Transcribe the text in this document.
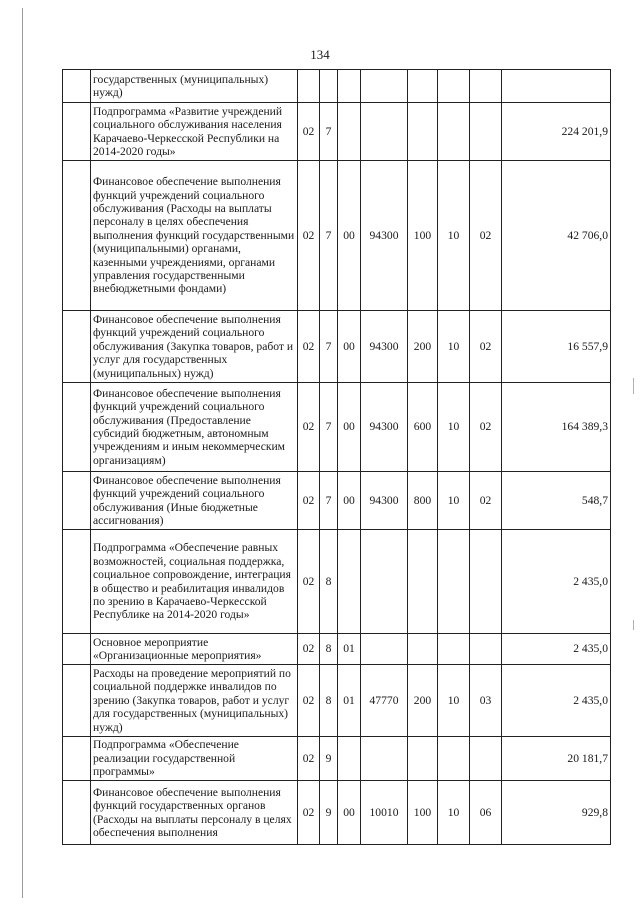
134
	государственных (муниципальных) нужд)								
	Подпрограмма «Развитие учреждений социального обслуживания населения Карачаево-Черкесской Республики на 2014-2020 годы»	02	7						224 201,9
	Финансовое обеспечение выполнения функций учреждений социального обслуживания (Расходы на выплаты персоналу в целях обеспечения выполнения функций государственными (муниципальными) органами, казенными учреждениями, органами управления государственными внебюджетными фондами)	02	7	00	94300	100	10	02	42 706,0
	Финансовое обеспечение выполнения функций учреждений социального обслуживания (Закупка товаров, работ и услуг для государственных (муниципальных) нужд)	02	7	00	94300	200	10	02	16 557,9
	Финансовое обеспечение выполнения функций учреждений социального обслуживания (Предоставление субсидий бюджетным, автономным учреждениям и иным некоммерческим организациям)	02	7	00	94300	600	10	02	164 389,3
	Финансовое обеспечение выполнения функций учреждений социального обслуживания (Иные бюджетные ассигнования)	02	7	00	94300	800	10	02	548,7
	Подпрограмма «Обеспечение равных возможностей, социальная поддержка, социальное сопровождение, интеграция в общество и реабилитация инвалидов по зрению в Карачаево-Черкесской Республике на 2014-2020 годы»	02	8						2 435,0
	Основное мероприятие «Организационные мероприятия»	02	8	01					2 435,0
	Расходы на проведение мероприятий по социальной поддержке инвалидов по зрению (Закупка товаров, работ и услуг для государственных (муниципальных) нужд)	02	8	01	47770	200	10	03	2 435,0
	Подпрограмма «Обеспечение реализации государственной программы»	02	9						20 181,7
	Финансовое обеспечение выполнения функций государственных органов (Расходы на выплаты персоналу в целях обеспечения выполнения	02	9	00	10010	100	10	06	929,8
